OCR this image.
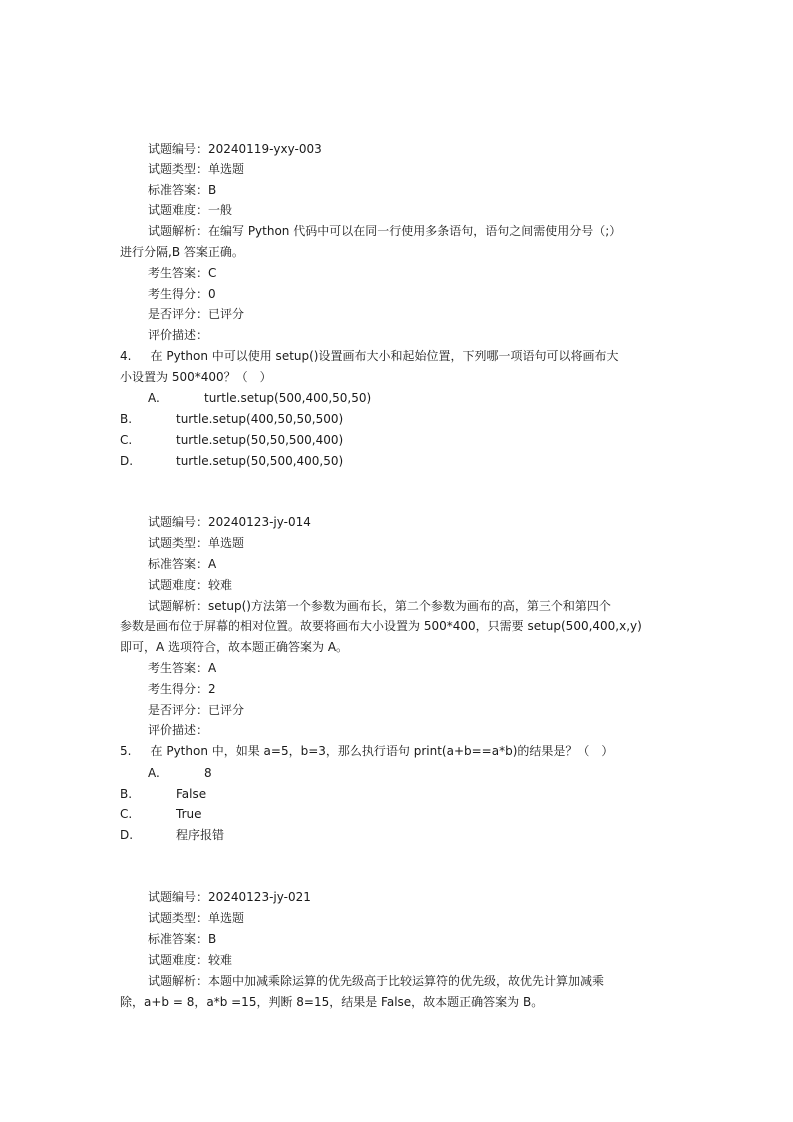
试题编号：20240119-yxy-003
试题类型：单选题
标准答案：B
试题难度：一般
试题解析：在编写 Python 代码中可以在同一行使用多条语句，语句之间需使用分号（;）
进行分隔,B 答案正确。
考生答案：C
考生得分：0
是否评分：已评分
评价描述：
4.     在 Python 中可以使用 setup()设置画布大小和起始位置，下列哪一项语句可以将画布大
小设置为 500*400？（　）
A.	turtle.setup(500,400,50,50)
B.	turtle.setup(400,50,50,500)
C.	turtle.setup(50,50,500,400)
D.	turtle.setup(50,500,400,50)
试题编号：20240123-jy-014
试题类型：单选题
标准答案：A
试题难度：较难
试题解析：setup()方法第一个参数为画布长，第二个参数为画布的高，第三个和第四个
参数是画布位于屏幕的相对位置。故要将画布大小设置为 500*400，只需要 setup(500,400,x,y)
即可，A 选项符合，故本题正确答案为 A。
考生答案：A
考生得分：2
是否评分：已评分
评价描述：
5.     在 Python 中，如果 a=5，b=3，那么执行语句 print(a+b==a*b)的结果是？（　）
A.	8
B.	False
C.	True
D.	程序报错
试题编号：20240123-jy-021
试题类型：单选题
标准答案：B
试题难度：较难
试题解析：本题中加减乘除运算的优先级高于比较运算符的优先级，故优先计算加减乘
除，a+b = 8，a*b =15，判断 8=15，结果是 False，故本题正确答案为 B。
